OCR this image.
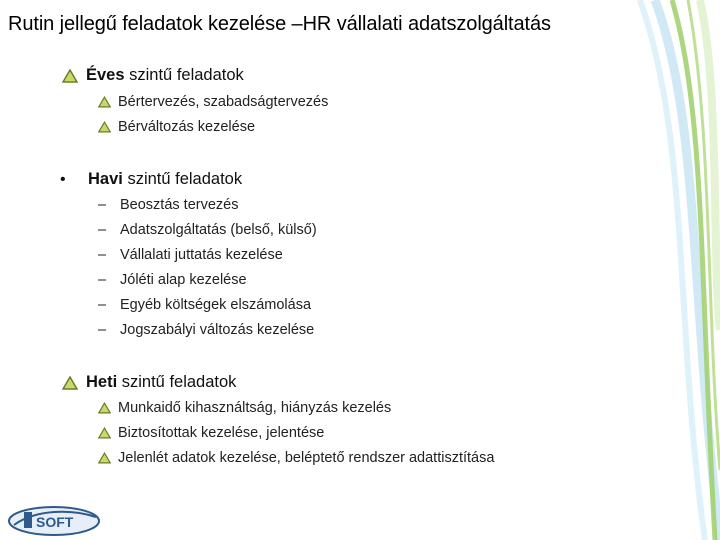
Rutin jellegű feladatok kezelése –HR vállalati adatszolgáltatás
Éves szintű feladatok
Bértervezés, szabadságtervezés
Bérváltozás kezelése
•	Havi szintű feladatok
– Beosztás tervezés
– Adatszolgáltatás (belső, külső)
– Vállalati juttatás kezelése
– Jóléti alap kezelése
– Egyéb költségek elszámolása
– Jogszabályi változás kezelése
Heti szintű feladatok
Munkaidő kihasználtság, hiányzás kezelés
Biztosítottak kezelése, jelentése
Jelenlét adatok kezelése, beléptető rendszer adattisztítása
SOFT
